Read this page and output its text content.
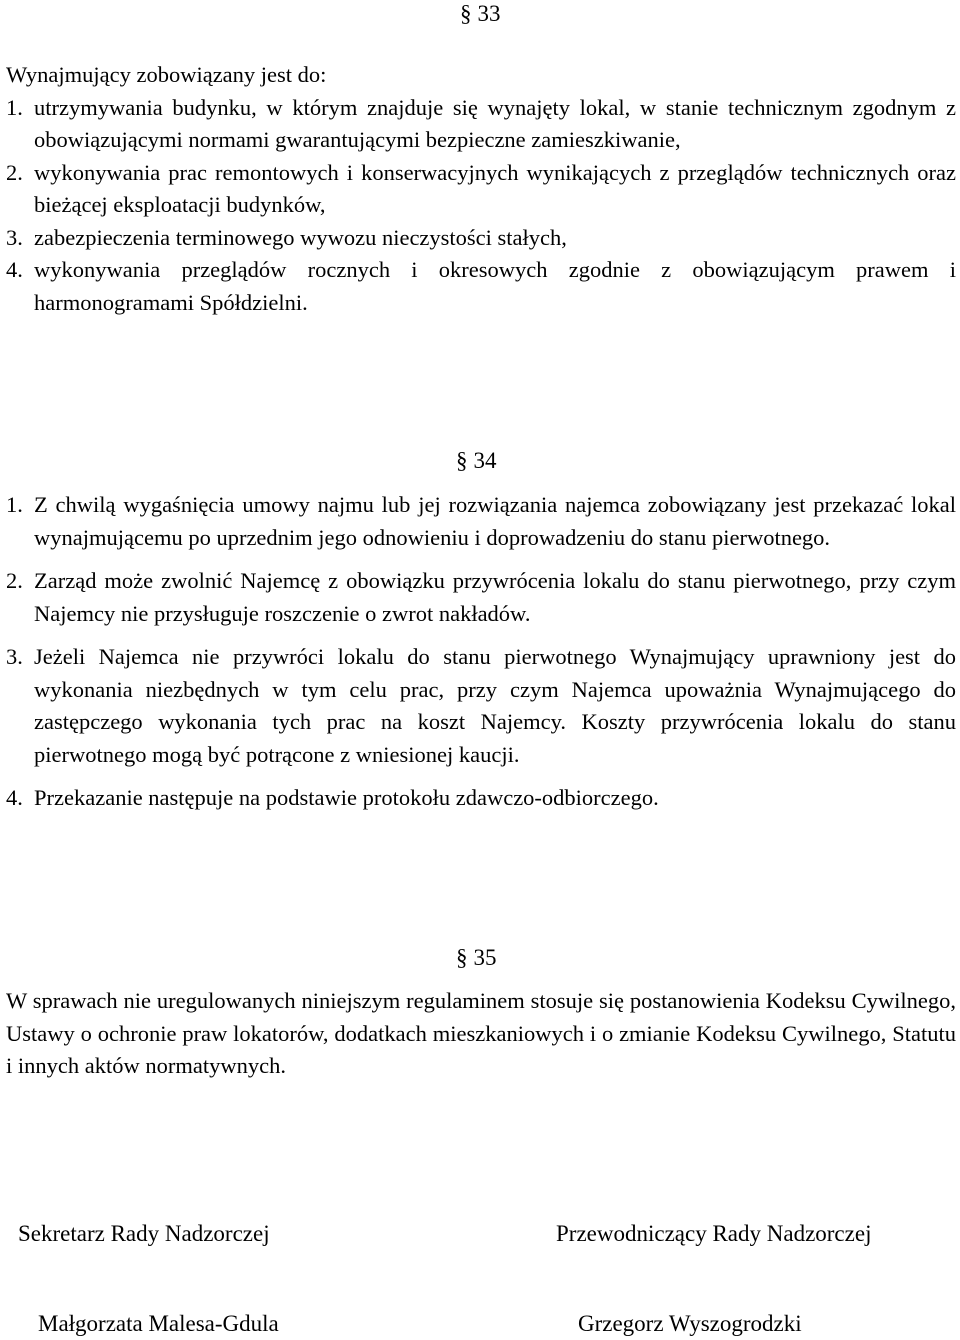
§ 33
Wynajmujący zobowiązany jest do:
1. utrzymywania budynku, w którym znajduje się wynajęty lokal, w stanie technicznym zgodnym z obowiązującymi normami gwarantującymi bezpieczne zamieszkiwanie,
2. wykonywania prac remontowych i konserwacyjnych wynikających z przeglądów technicznych oraz bieżącej eksploatacji budynków,
3. zabezpieczenia terminowego wywozu nieczystości stałych,
4. wykonywania przeglądów rocznych i okresowych zgodnie z obowiązującym prawem i harmonogramami Spółdzielni.
§ 34
1. Z chwilą wygaśnięcia umowy najmu lub jej rozwiązania najemca zobowiązany jest przekazać lokal wynajmującemu po uprzednim jego odnowieniu i doprowadzeniu do stanu pierwotnego.
2. Zarząd może zwolnić Najemcę z obowiązku przywrócenia lokalu do stanu pierwotnego, przy czym Najemcy nie przysługuje roszczenie o zwrot nakładów.
3. Jeżeli Najemca nie przywróci lokalu do stanu pierwotnego Wynajmujący uprawniony jest do wykonania niezbędnych w tym celu prac, przy czym Najemca upoważnia Wynajmującego do zastępczego wykonania tych prac na koszt Najemcy. Koszty przywrócenia lokalu do stanu pierwotnego mogą być potrącone z wniesionej kaucji.
4. Przekazanie następuje na podstawie protokołu zdawczo-odbiorczego.
§ 35
W sprawach nie uregulowanych niniejszym regulaminem stosuje się postanowienia Kodeksu Cywilnego, Ustawy o ochronie praw lokatorów, dodatkach mieszkaniowych i o zmianie Kodeksu Cywilnego, Statutu i innych aktów normatywnych.
Sekretarz Rady Nadzorczej	Przewodniczący Rady Nadzorczej
Małgorzata Malesa-Gdula	Grzegorz Wyszogrodzki
